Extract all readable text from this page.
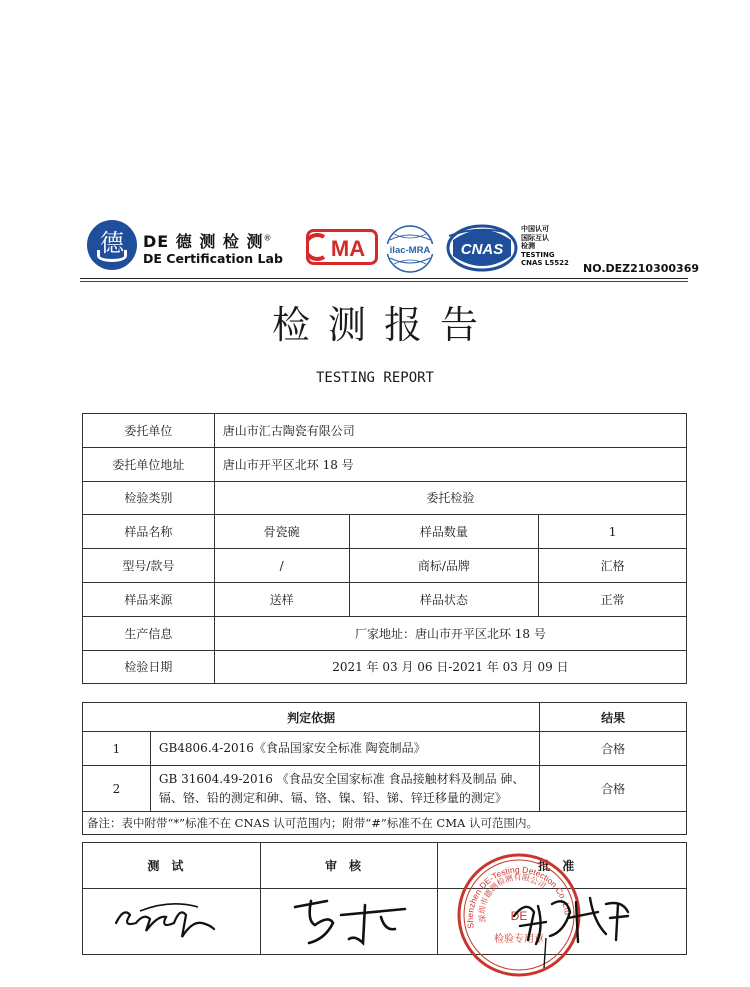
德	DE 德 测 检 测®
DE Certification Lab MA	ilac-MRA CNAS
中国认可
国际互认
检测
TESTING
CNAS L5522 NO.DEZ210300369
检测报告
TESTING REPORT
委托单位	唐山市汇古陶瓷有限公司		
委托单位地址	唐山市开平区北环 18 号		
检验类别	委托检验		
样品名称	骨瓷碗	样品数量	1
型号/款号	/	商标/品牌	汇格
样品来源	送样	样品状态	正常
生产信息	厂家地址：唐山市开平区北环 18 号		
检验日期	2021 年 03 月 06 日-2021 年 03 月 09 日		
判定依据		结果
1	GB4806.4-2016《食品国家安全标准 陶瓷制品》	合格
2	GB 31604.49-2016 《食品安全国家标准 食品接触材料及制品 砷、镉、铬、铅的测定和砷、镉、铬、镍、铅、锑、锌迁移量的测定》	合格
备注：表中附带“*”标准不在 CNAS 认可范围内；附带“#”标准不在 CMA 认可范围内。		
测试	审核	批准

Shenzhen DE-Testing Detection Co.,Ltd
深圳市德测检测有限公司
DE
检验专用章
